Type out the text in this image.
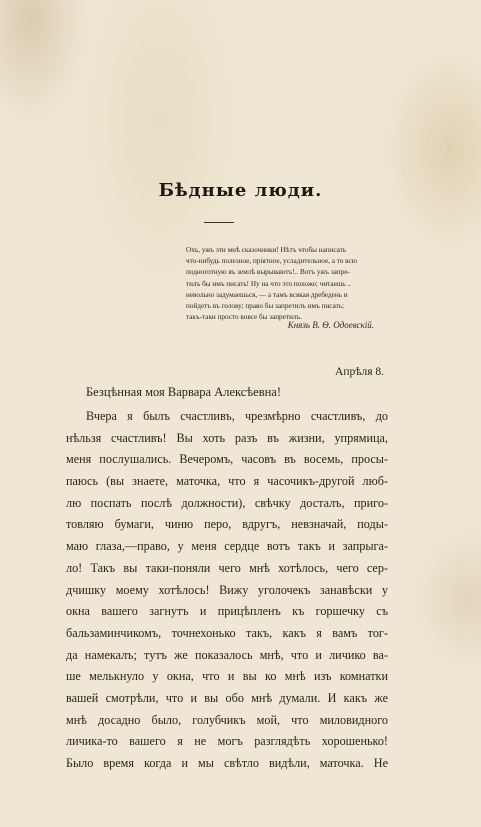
Бѣдные люди.
Охъ, ужъ эти мнѣ сказочники! Нѣтъ чтобы написать
что-нибудь полезное, пріятное, усладительное, а то всю
подноготную въ землѣ вырываютъ!.. Вотъ ужъ запре-
тилъ бы имъ писать! Ну на что это похоже; читаешь ..
невольно задумаешься, — а тамъ всякая дребедень и
пойдетъ въ голову; право бы запретилъ имъ писать;
такъ-таки просто вовсе бы запретилъ.
Князь В. Ѳ. Одоевскій.
Апрѣля 8.
Безцѣнная моя Варвара Алексѣевна!
Вчера я былъ счастливъ, чрезмѣрно счастливъ, до
нѣльзя счастливъ! Вы хоть разъ въ жизни, упрямица,
меня послушались. Вечеромъ, часовъ въ восемь, просы-
паюсь (вы знаете, маточка, что я часочикъ-другой люб-
лю поспать послѣ должности), свѣчку досталъ, приго-
товляю бумаги, чиню перо, вдругъ, невзначай, поды-
маю глаза,—право, у меня сердце вотъ такъ и запрыга-
ло! Такъ вы таки-поняли чего мнѣ хотѣлось, чего сер-
дчишку моему хотѣлось! Вижу уголочекъ занавѣски у
окна вашего загнутъ и прицѣпленъ къ горшечку съ
бальзаминчикомъ, точнехонько такъ, какъ я вамъ тог-
да намекалъ; тутъ же показалось мнѣ, что и личико ва-
ше мелькнуло у окна, что и вы ко мнѣ изъ комнатки
вашей смотрѣли, что и вы обо мнѣ думали. И какъ же
мнѣ досадно было, голубчикъ мой, что миловидного
личика-то вашего я не могъ разглядѣть хорошенько!
Было время когда и мы свѣтло видѣли, маточка. Не
